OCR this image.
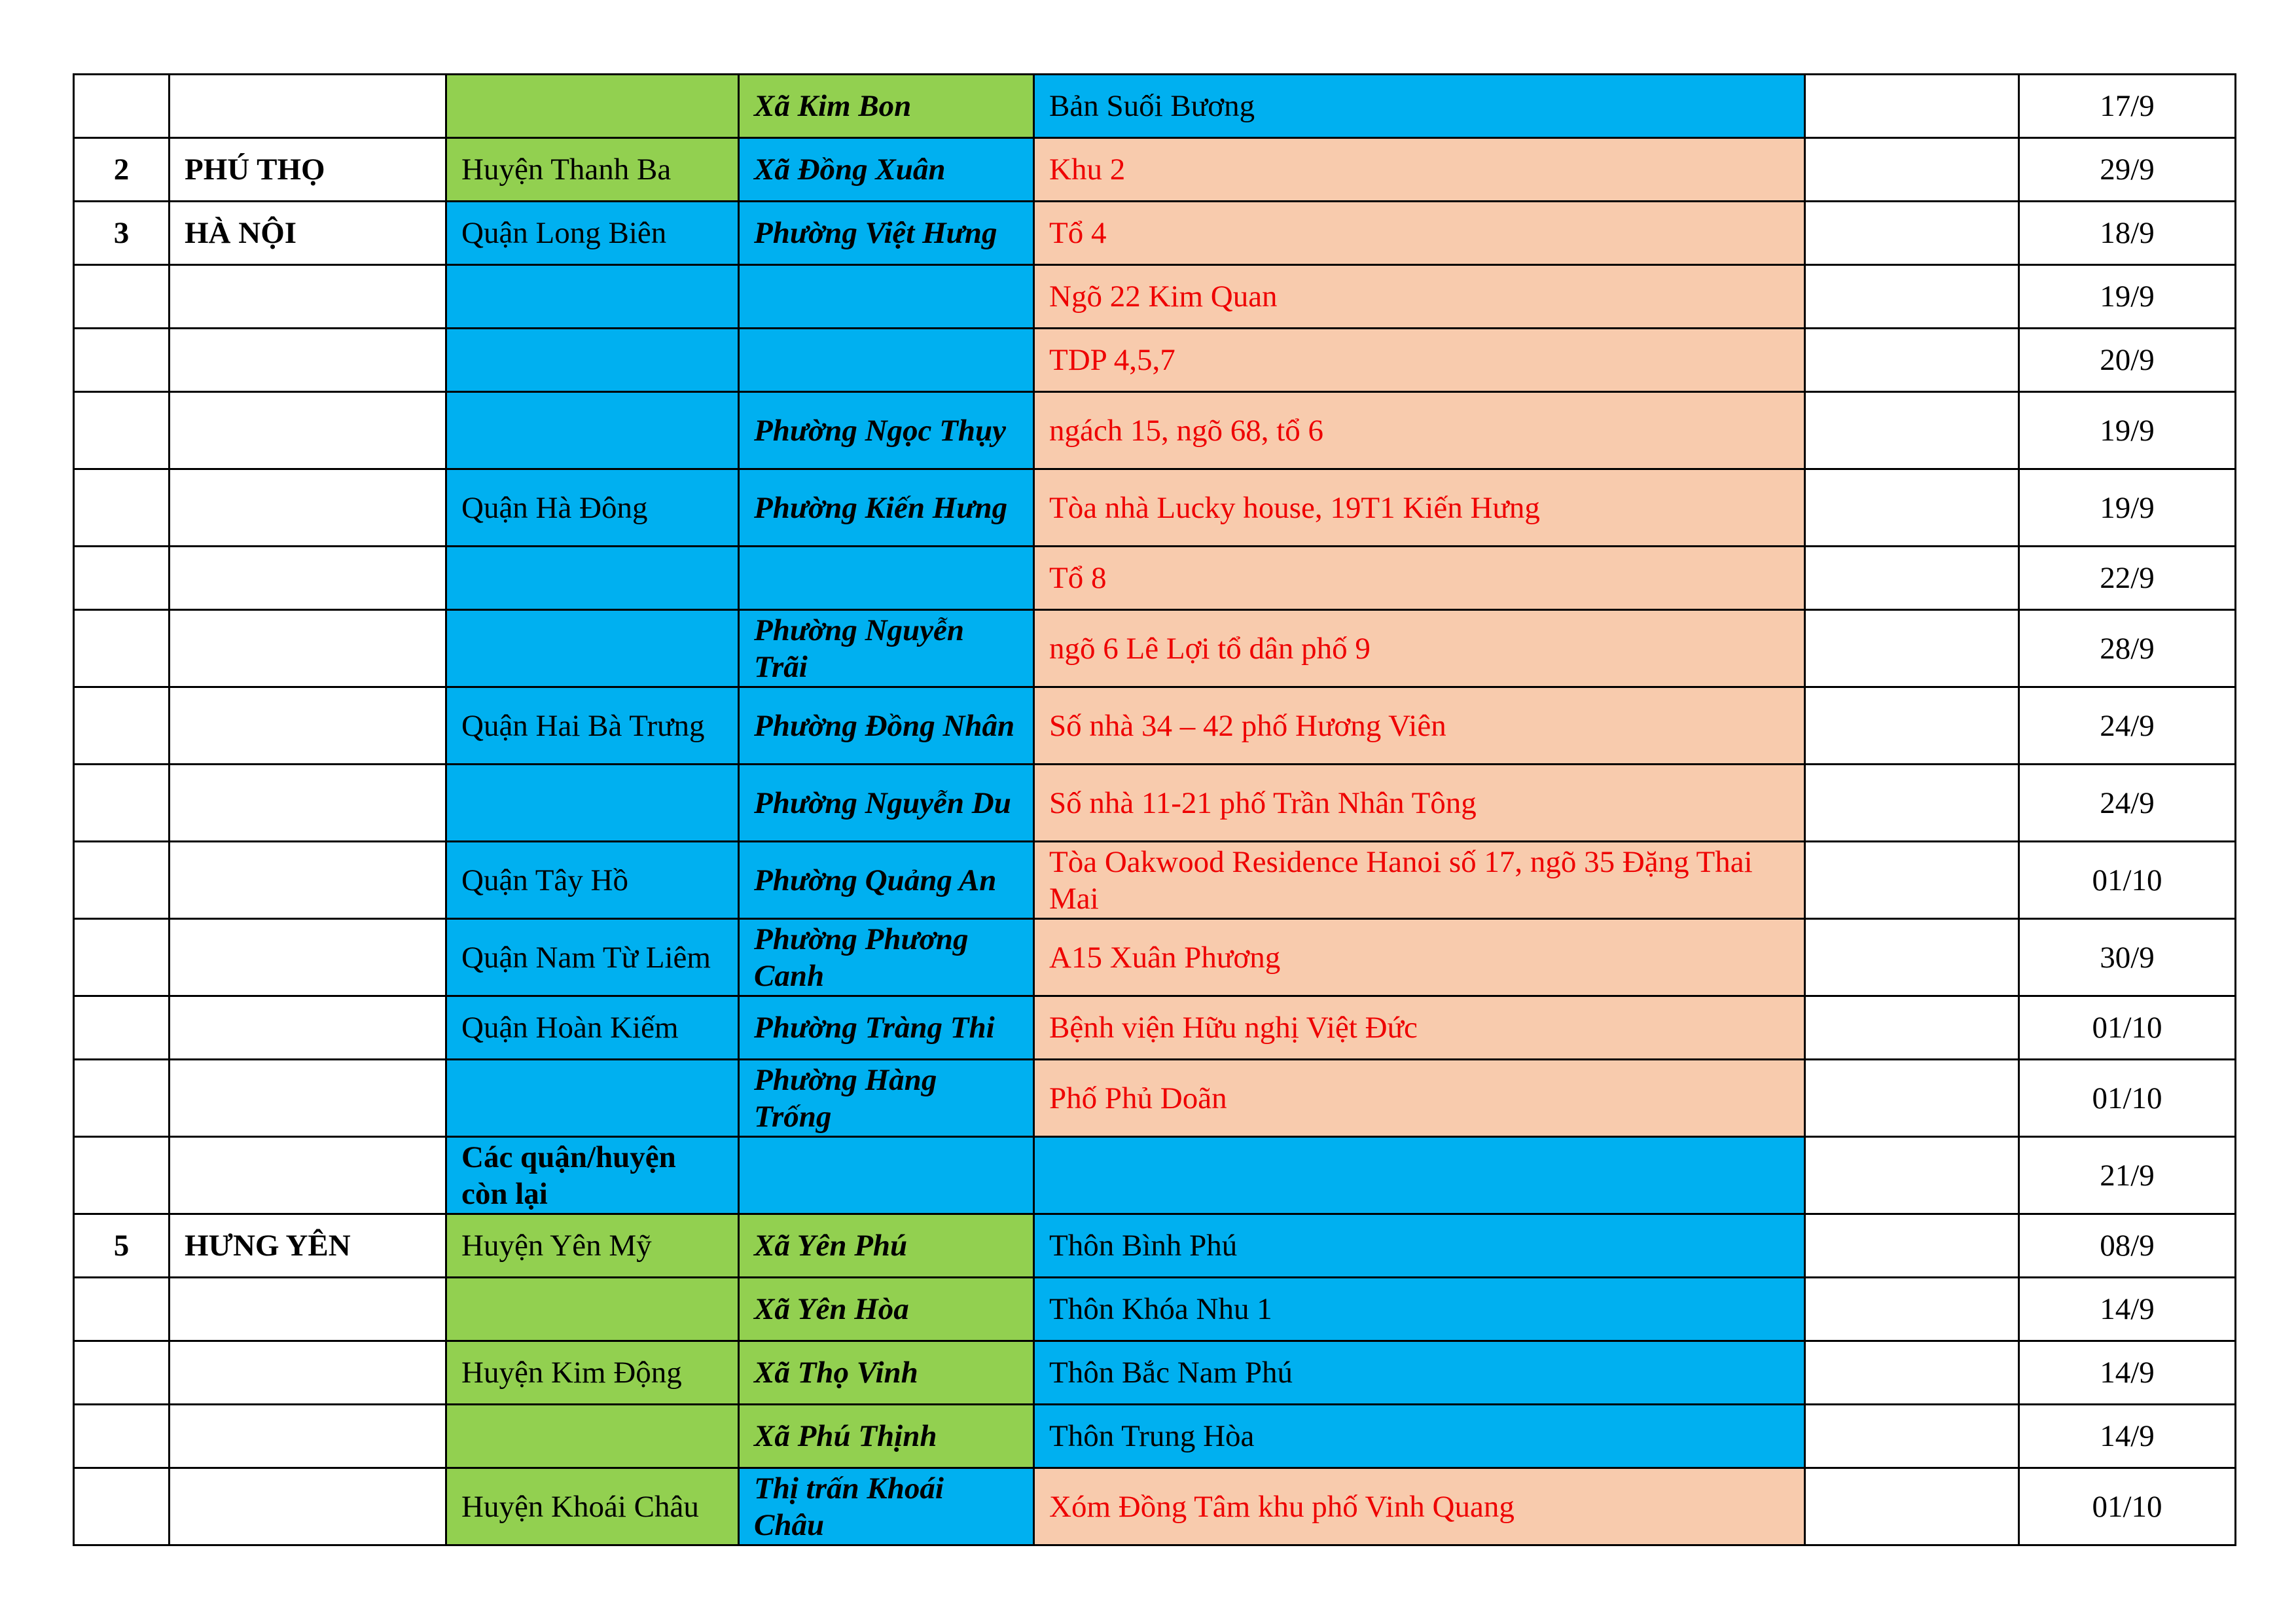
			Xã Kim Bon	Bản Suối Bương		17/9
2	PHÚ THỌ	Huyện Thanh Ba	Xã Đồng Xuân	Khu 2		29/9
3	HÀ NỘI	Quận Long Biên	Phường Việt Hưng	Tổ 4		18/9
				Ngõ 22 Kim Quan		19/9
				TDP 4,5,7		20/9
			Phường Ngọc Thụy	ngách 15, ngõ 68, tổ 6		19/9
		Quận Hà Đông	Phường Kiến Hưng	Tòa nhà Lucky house, 19T1 Kiến Hưng		19/9
				Tổ 8		22/9
			Phường Nguyễn Trãi	ngõ 6 Lê Lợi tổ dân phố 9		28/9
		Quận Hai Bà Trưng	Phường Đồng Nhân	Số nhà 34 – 42 phố Hương Viên		24/9
			Phường Nguyễn Du	Số nhà 11-21 phố Trần Nhân Tông		24/9
		Quận Tây Hồ	Phường Quảng An	Tòa Oakwood Residence Hanoi số 17, ngõ 35 Đặng Thai Mai		01/10
		Quận Nam Từ Liêm	Phường Phương Canh	A15 Xuân Phương		30/9
		Quận Hoàn Kiếm	Phường Tràng Thi	Bệnh viện Hữu nghị Việt Đức		01/10
			Phường Hàng Trống	Phố Phủ Doãn		01/10
		Các quận/huyện còn lại				21/9
5	HƯNG YÊN	Huyện Yên Mỹ	Xã Yên Phú	Thôn Bình Phú		08/9
			Xã Yên Hòa	Thôn Khóa Nhu 1		14/9
		Huyện Kim Động	Xã Thọ Vinh	Thôn Bắc Nam Phú		14/9
			Xã Phú Thịnh	Thôn Trung Hòa		14/9
		Huyện Khoái Châu	Thị trấn Khoái Châu	Xóm Đồng Tâm khu phố Vinh Quang		01/10
